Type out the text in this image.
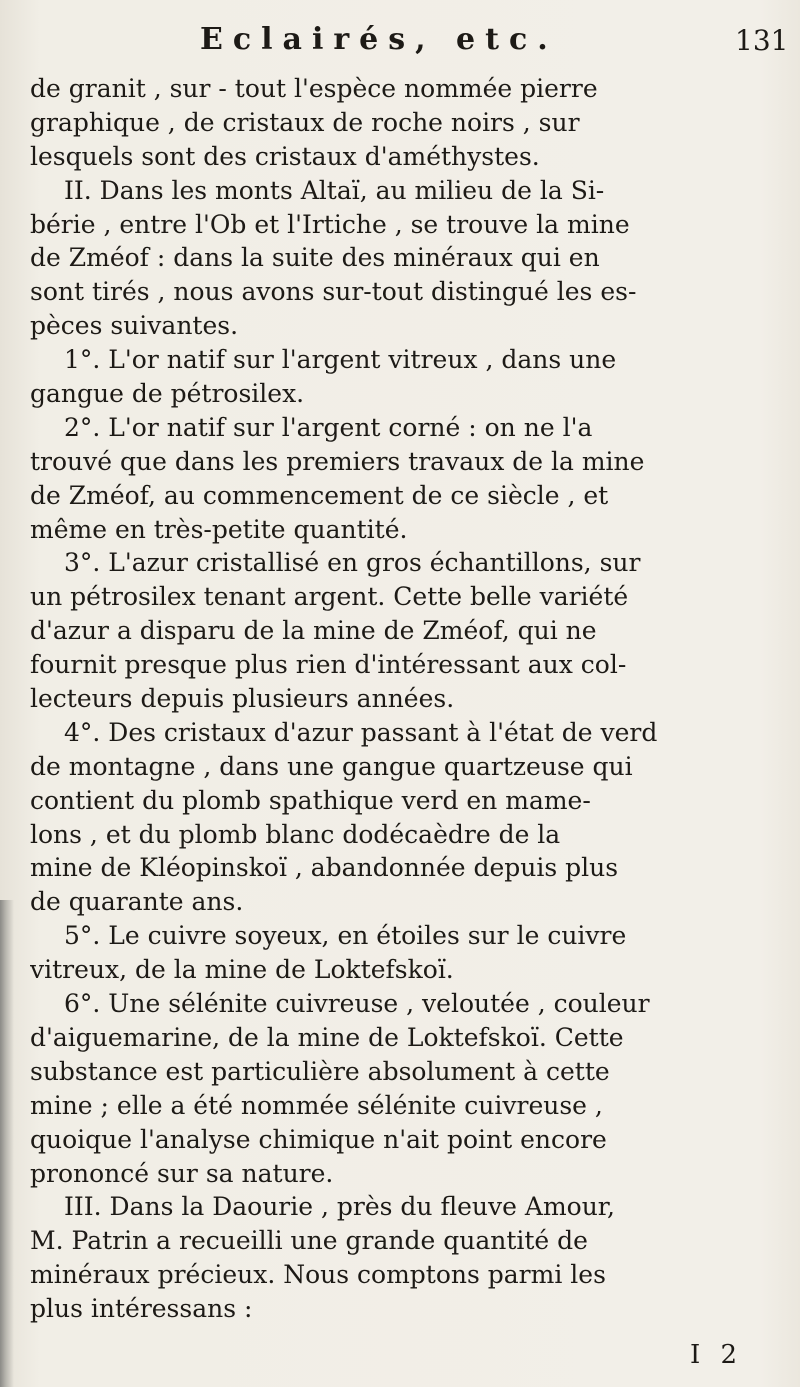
Eclairés, etc.	131
de granit , sur - tout l'espèce nommée pierre
graphique , de cristaux de roche noirs , sur
lesquels sont des cristaux d'améthystes.
II. Dans les monts Altaï, au milieu de la Si-
bérie , entre l'Ob et l'Irtiche , se trouve la mine
de Zméof : dans la suite des minéraux qui en
sont tirés , nous avons sur-tout distingué les es-
pèces suivantes.
1°. L'or natif sur l'argent vitreux , dans une
gangue de pétrosilex.
2°. L'or natif sur l'argent corné : on ne l'a
trouvé que dans les premiers travaux de la mine
de Zméof, au commencement de ce siècle , et
même en très-petite quantité.
3°. L'azur cristallisé en gros échantillons, sur
un pétrosilex tenant argent. Cette belle variété
d'azur a disparu de la mine de Zméof, qui ne
fournit presque plus rien d'intéressant aux col-
lecteurs depuis plusieurs années.
4°. Des cristaux d'azur passant à l'état de verd
de montagne , dans une gangue quartzeuse qui
contient du plomb spathique verd en mame-
lons , et du plomb blanc dodécaèdre de la
mine de Kléopinskoï , abandonnée depuis plus
de quarante ans.
5°. Le cuivre soyeux, en étoiles sur le cuivre
vitreux, de la mine de Loktefskoï.
6°. Une sélénite cuivreuse , veloutée , couleur
d'aiguemarine, de la mine de Loktefskoï. Cette
substance est particulière absolument à cette
mine ; elle a été nommée sélénite cuivreuse ,
quoique l'analyse chimique n'ait point encore
prononcé sur sa nature.
III. Dans la Daourie , près du fleuve Amour,
M. Patrin a recueilli une grande quantité de
minéraux précieux. Nous comptons parmi les
plus intéressans :
I 2
